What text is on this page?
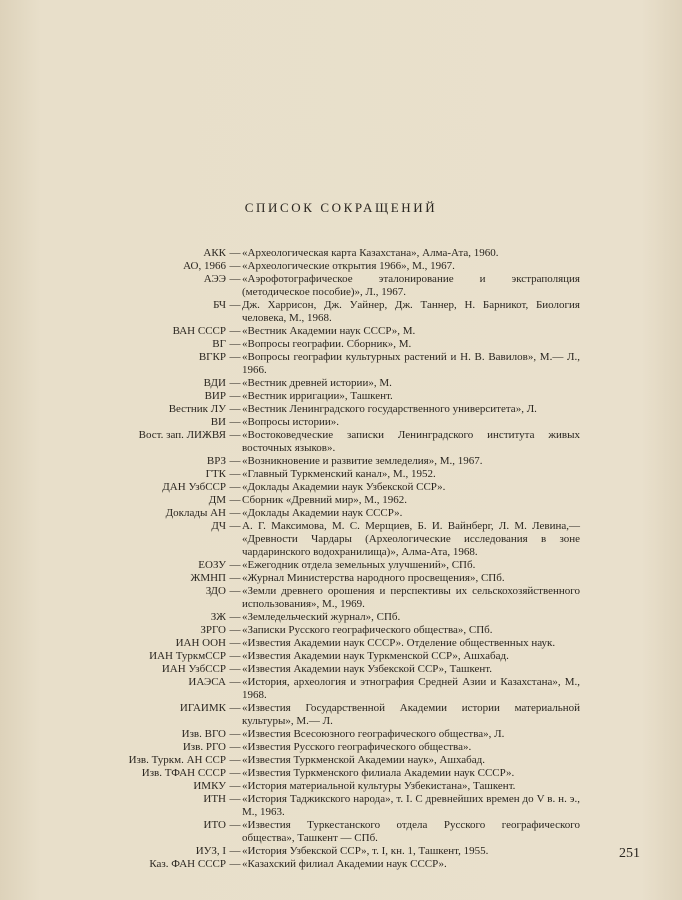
СПИСОК СОКРАЩЕНИЙ
АКК — «Археологическая карта Казахстана», Алма-Ата, 1960.
АО, 1966 — «Археологические открытия 1966», М., 1967.
АЭЭ — «Аэрофотографическое эталонирование и экстраполяция (методическое пособие)», Л., 1967.
БЧ — Дж. Харрисон, Дж. Уайнер, Дж. Таннер, Н. Барникот, Биология человека, М., 1968.
ВАН СССР — «Вестник Академии наук СССР», М.
ВГ — «Вопросы географии. Сборник», М.
ВГКР — «Вопросы географии культурных растений и Н. В. Вавилов», М.— Л., 1966.
ВДИ — «Вестник древней истории», М.
ВИР — «Вестник ирригации», Ташкент.
Вестник ЛУ — «Вестник Ленинградского государственного университета», Л.
ВИ — «Вопросы истории».
Вост. зап. ЛИЖВЯ — «Востоковедческие записки Ленинградского института живых восточных языков».
ВРЗ — «Возникновение и развитие земледелия», М., 1967.
ГТК — «Главный Туркменский канал», М., 1952.
ДАН УзбССР — «Доклады Академии наук Узбекской ССР».
ДМ — Сборник «Древний мир», М., 1962.
Доклады АН — «Доклады Академии наук СССР».
ДЧ — А. Г. Максимова, М. С. Мерщиев, Б. И. Вайнберг, Л. М. Левина,— «Древности Чардары (Археологические исследования в зоне чардаринского водохранилища)», Алма-Ата, 1968.
ЕОЗУ — «Ежегодник отдела земельных улучшений», СПб.
ЖМНП — «Журнал Министерства народного просвещения», СПб.
ЗДО — «Земли древнего орошения и перспективы их сельскохозяйственного использования», М., 1969.
ЗЖ — «Земледельческий журнал», СПб.
ЗРГО — «Записки Русского географического общества», СПб.
ИАН ООН — «Известия Академии наук СССР». Отделение общественных наук.
ИАН ТуркмССР — «Известия Академии наук Туркменской ССР», Ашхабад.
ИАН УзбССР — «Известия Академии наук Узбекской ССР», Ташкент.
ИАЭСА — «История, археология и этнография Средней Азии и Казахстана», М., 1968.
ИГАИМК — «Известия Государственной Академии истории материальной культуры», М.— Л.
Изв. ВГО — «Известия Всесоюзного географического общества», Л.
Изв. РГО — «Известия Русского географического общества».
Изв. Туркм. АН ССР — «Известия Туркменской Академии наук», Ашхабад.
Изв. ТФАН СССР — «Известия Туркменского филиала Академии наук СССР».
ИМКУ — «История материальной культуры Узбекистана», Ташкент.
ИТН — «История Таджикского народа», т. I. С древнейших времен до V в. н. э., М., 1963.
ИТО — «Известия Туркестанского отдела Русского географического общества», Ташкент — СПб.
ИУЗ, I — «История Узбекской ССР», т. I, кн. 1, Ташкент, 1955.
Каз. ФАН СССР — «Казахский филиал Академии наук СССР».
251
